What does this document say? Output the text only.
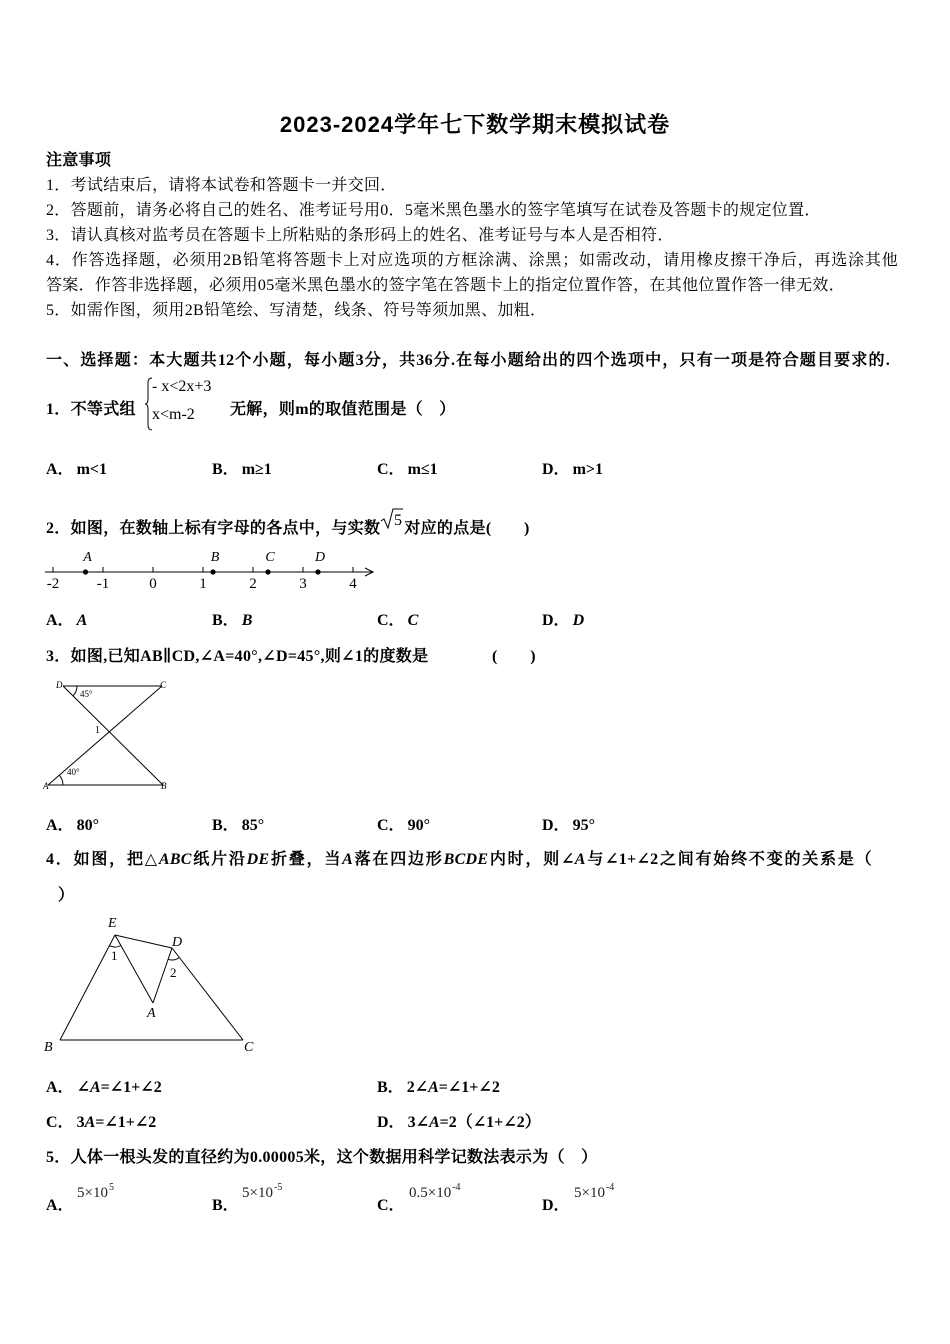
2023-2024学年七下数学期末模拟试卷
注意事项
1．考试结束后，请将本试卷和答题卡一并交回．
2．答题前，请务必将自己的姓名、准考证号用0．5毫米黑色墨水的签字笔填写在试卷及答题卡的规定位置．
3．请认真核对监考员在答题卡上所粘贴的条形码上的姓名、准考证号与本人是否相符．
4．作答选择题，必须用2B铅笔将答题卡上对应选项的方框涂满、涂黑；如需改动，请用橡皮擦干净后，再选涂其他
答案．作答非选择题，必须用05毫米黑色墨水的签字笔在答题卡上的指定位置作答，在其他位置作答一律无效．
5．如需作图，须用2B铅笔绘、写清楚，线条、符号等须加黑、加粗．
一、选择题：本大题共12个小题，每小题3分，共36分.在每小题给出的四个选项中，只有一项是符合题目要求的.
1．不等式组
- x<2x+3
x<m-2 无解，则m的取值范围是（　）
A． m<1	B． m≥1	C． m≤1	D． m>1
2．如图，在数轴上标有字母的各点中，与实数 5 对应的点是(　　)
-2	-1	0	1	2	3	4
A	B	C	D
A． A	B． B	C． C	D． D
3．如图,已知AB∥CD,∠A=40°,∠D=45°,则∠1的度数是	(　　)
D	C
A	B
45°
40°
1
A． 80°	B． 85°	C． 90°	D． 95°
4．如图，把△ABC纸片沿DE折叠，当A落在四边形BCDE内时，则∠A与∠1+∠2之间有始终不变的关系是（
）
E
D
1
2
A
B	C
A． ∠A=∠1+∠2	B． 2∠A=∠1+∠2
C． 3A=∠1+∠2	D． 3∠A=2（∠1+∠2）
5．人体一根头发的直径约为0.00005米，这个数据用科学记数法表示为（　）
A．
$5\times 10^5$
B．
$5\times 10^{-5}$
C．
$0.5\times 10^{-4}$
D．
$5\times 10^{-4}$
